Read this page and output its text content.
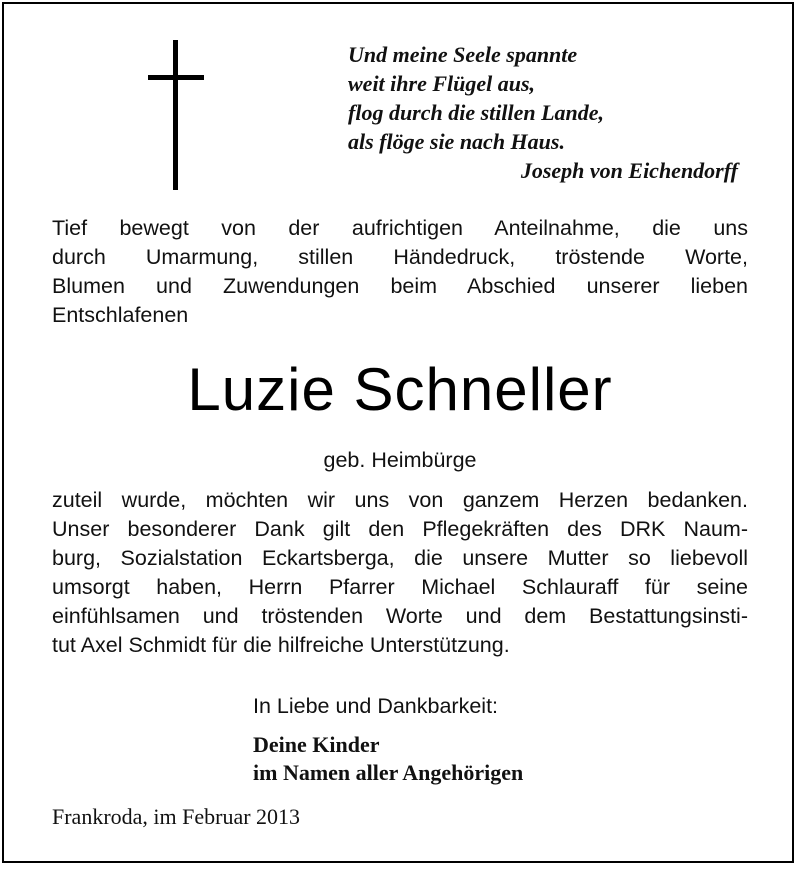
Und meine Seele spannte
weit ihre Flügel aus,
flog durch die stillen Lande,
als flöge sie nach Haus.
Joseph von Eichendorff
Tief bewegt von der aufrichtigen Anteilnahme, die uns
durch Umarmung, stillen Händedruck, tröstende Worte,
Blumen und Zuwendungen beim Abschied unserer lieben
Entschlafenen
Luzie Schneller
geb. Heimbürge
zuteil wurde, möchten wir uns von ganzem Herzen bedanken.
Unser besonderer Dank gilt den Pflegekräften des DRK Naum-
burg, Sozialstation Eckartsberga, die unsere Mutter so liebevoll
umsorgt haben, Herrn Pfarrer Michael Schlauraff für seine
einfühlsamen und tröstenden Worte und dem Bestattungsinsti-
tut Axel Schmidt für die hilfreiche Unterstützung.
In Liebe und Dankbarkeit:
Deine Kinder
im Namen aller Angehörigen
Frankroda, im Februar 2013
